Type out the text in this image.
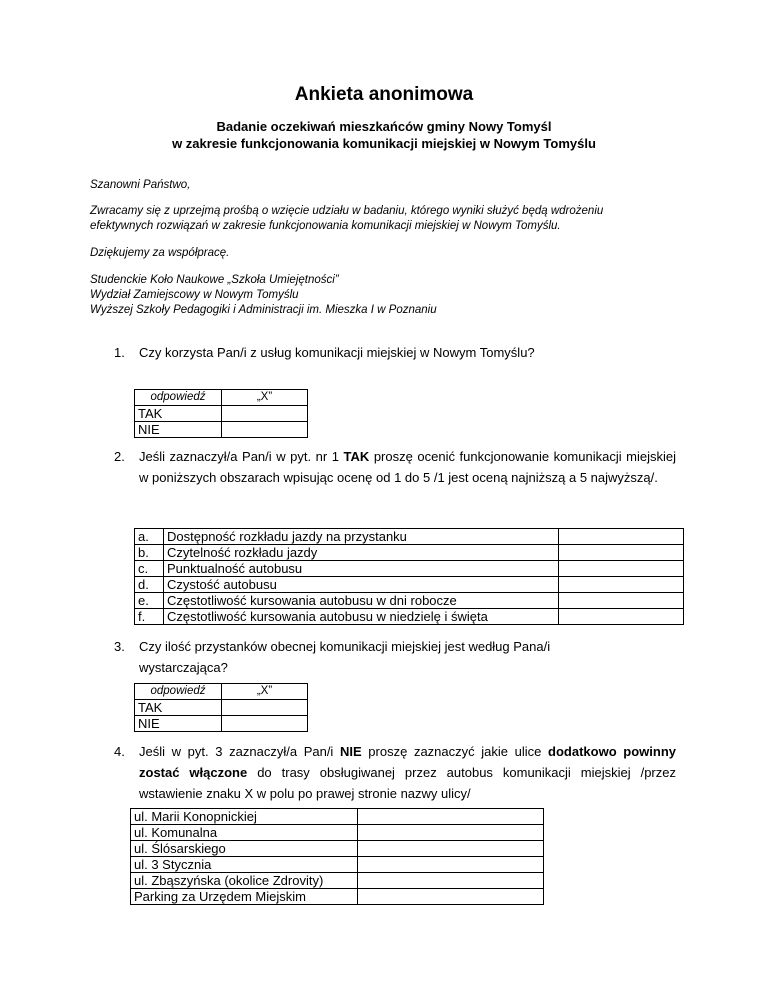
Ankieta anonimowa
Badanie oczekiwań mieszkańców gminy Nowy Tomyśl
w zakresie funkcjonowania komunikacji miejskiej w Nowym Tomyślu
Szanowni Państwo,
Zwracamy się z uprzejmą prośbą o wzięcie udziału w badaniu, którego wyniki służyć będą wdrożeniu
efektywnych rozwiązań w zakresie funkcjonowania komunikacji miejskiej w Nowym Tomyślu.
Dziękujemy za współpracę.
Studenckie Koło Naukowe „Szkoła Umiejętności”
Wydział Zamiejscowy w Nowym Tomyślu
Wyższej Szkoły Pedagogiki i Administracji im. Mieszka I w Poznaniu
1. Czy korzysta Pan/i z usług komunikacji miejskiej w Nowym Tomyślu?
odpowiedź	„X”
TAK	
NIE	
2. Jeśli zaznaczył/a Pan/i w pyt. nr 1 TAK proszę ocenić funkcjonowanie komunikacji miejskiej w poniższych obszarach wpisując ocenę od 1 do 5 /1 jest oceną najniższą a 5 najwyższą/.
a.	Dostępność rozkładu jazdy na przystanku	
b.	Czytelność rozkładu jazdy	
c.	Punktualność autobusu	
d.	Czystość autobusu	
e.	Częstotliwość kursowania autobusu w dni robocze	
f.	Częstotliwość kursowania autobusu w niedzielę i święta	
3. Czy ilość przystanków obecnej komunikacji miejskiej jest według Pana/i wystarczająca?
odpowiedź	„X”
TAK	
NIE	
4. Jeśli w pyt. 3 zaznaczył/a Pan/i NIE proszę zaznaczyć jakie ulice dodatkowo powinny zostać włączone do trasy obsługiwanej przez autobus komunikacji miejskiej /przez wstawienie znaku X w polu po prawej stronie nazwy ulicy/
ul. Marii Konopnickiej	
ul. Komunalna	
ul. Ślósarskiego	
ul. 3 Stycznia	
ul. Zbąszyńska (okolice Zdrovity)	
Parking za Urzędem Miejskim	
